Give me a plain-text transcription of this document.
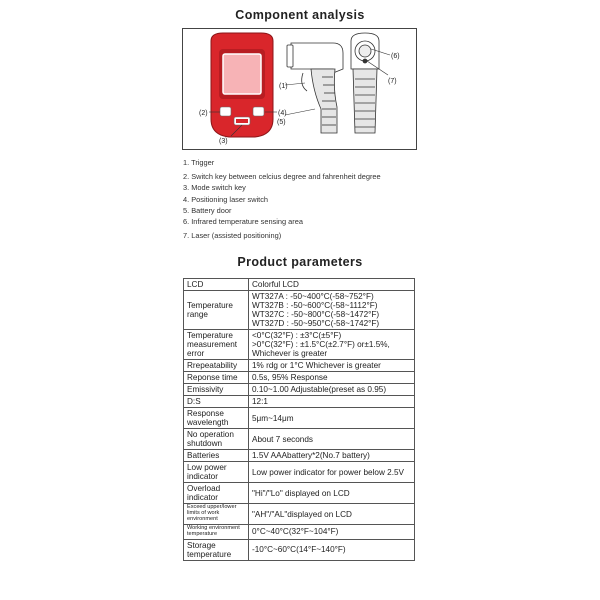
Component analysis
(2)	(4)
(3)
(1)
(5)
(6)
(7)
1. Trigger
2. Switch key between celcius degree and fahrenheit degree
3. Mode switch key
4. Positioning laser switch
5. Battery door
6. Infrared temperature sensing area
7. Laser (assisted positioning)
Product parameters
LCD	Colorful LCD

Temperature range	WT327A : -50~400°C(-58~752°F)
WT327B : -50~600°C(-58~1112°F)
WT327C : -50~800°C(-58~1472°F)
WT327D : -50~950°C(-58~1742°F)

Temperature measurement error	<0°C(32°F) : ±3°C(±5°F)
>0°C(32°F) : ±1.5°C(±2.7°F) or±1.5%,
Whichever is greater

Rrepeatability	1% rdg or 1°C Whichever is greater

Reponse time	0.5s, 95% Response

Emissivity	0.10~1.00 Adjustable(preset as 0.95)

D:S	12:1

Response wavelength	5μm~14μm

No operation shutdown	About 7 seconds

Batteries	1.5V AAAbattery*2(No.7 battery)

Low power indicator	Low power indicator for power below 2.5V

Overload indicator	"Hi"/"Lo" displayed on LCD

Exceed upper/lower limits of work environment	"AH"/"AL"displayed on LCD

Working environment temperature	0°C~40°C(32°F~104°F)

Storage temperature	-10°C~60°C(14°F~140°F)
